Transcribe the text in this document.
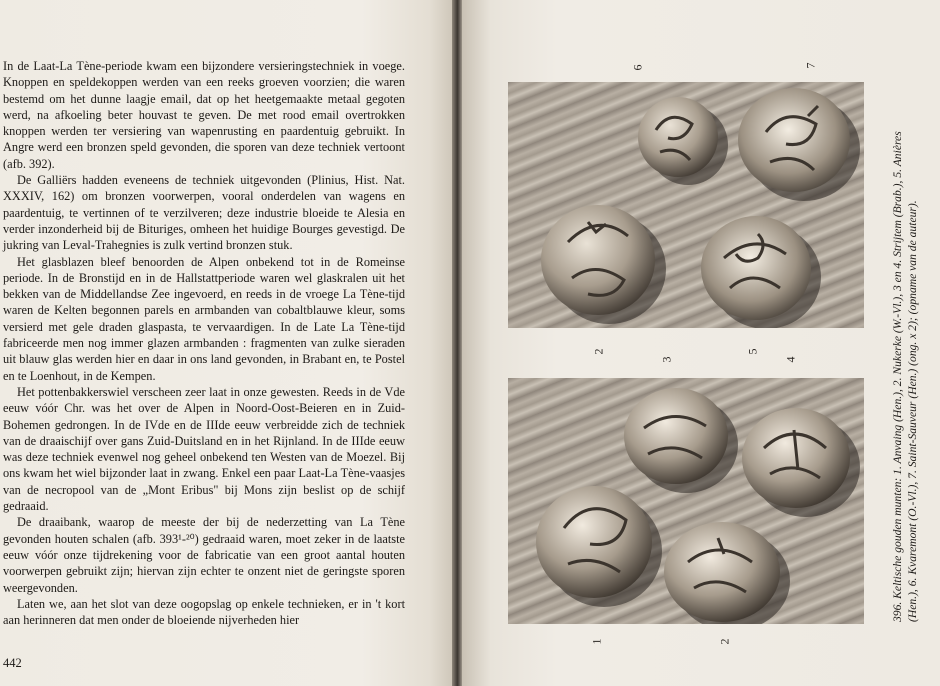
In de Laat-La Tène-periode kwam een bijzondere versieringstechniek in voege. Knoppen en speldekoppen werden van een reeks groeven voorzien; die waren bestemd om het dunne laagje email, dat op het heetgemaakte metaal gegoten werd, na afkoeling beter houvast te geven. De met rood email overtrokken knoppen werden ter versiering van wapenrusting en paardentuig gebruikt. In Angre werd een bronzen speld gevonden, die sporen van deze techniek vertoont (afb. 392).

De Galliërs hadden eveneens de techniek uitgevonden (Plinius, Hist. Nat. XXXIV, 162) om bronzen voorwerpen, vooral onderdelen van wagens en paardentuig, te vertinnen of te verzilveren; deze industrie bloeide te Alesia en verder inzonderheid bij de Bituriges, omheen het huidige Bourges gevestigd. De jukring van Leval-Trahegnies is zulk vertind bronzen stuk.

Het glasblazen bleef benoorden de Alpen onbekend tot in de Romeinse periode. In de Bronstijd en in de Hallstattperiode waren wel glaskralen uit het bekken van de Middellandse Zee ingevoerd, en reeds in de vroege La Tène-tijd waren de Kelten begonnen parels en armbanden van cobaltblauwe kleur, soms versierd met gele draden glaspasta, te vervaardigen. In de Late La Tène-tijd fabriceerde men nog immer glazen armbanden : fragmenten van zulke sieraden uit blauw glas werden hier en daar in ons land gevonden, in Brabant en, te Postel en te Loenhout, in de Kempen.

Het pottenbakkerswiel verscheen zeer laat in onze gewesten. Reeds in de Vde eeuw vóór Chr. was het over de Alpen in Noord-Oost-Beieren en in Zuid-Bohemen gedrongen. In de IVde en de IIIde eeuw verbreidde zich de techniek van de draaischijf over gans Zuid-Duitsland en in het Rijnland. In de IIIde eeuw was deze techniek evenwel nog geheel onbekend ten Westen van de Moezel. Bij ons kwam het wiel bijzonder laat in zwang. Enkel een paar Laat-La Tène-vaasjes van de necropool van de „Mont Eribus" bij Mons zijn beslist op de schijf gedraaid.

De draaibank, waarop de meeste der bij de nederzetting van La Tène gevonden houten schalen (afb. 393¹-²⁰) gedraaid waren, moet zeker in de laatste eeuw vóór onze tijdrekening voor de fabricatie van een groot aantal houten voorwerpen gebruikt zijn; hiervan zijn echter te onzent niet de geringste sporen weergevonden.

Laten we, aan het slot van deze oogopslag op enkele technieken, er in 't kort aan herinneren dat men onder de bloeiende nijverheden hier

442
6	7
2
3
5
4
1	2
396. Keltische gouden munten: 1. Anvaing (Hen.), 2. Nukerke (W.-Vl.), 3 en 4. Strijtem (Brab.), 5. Anières (Hen.), 6. Kvaremont (O.-Vl.), 7. Saint-Sauveur (Hen.) (ong. x 2); (opname van de auteur).
